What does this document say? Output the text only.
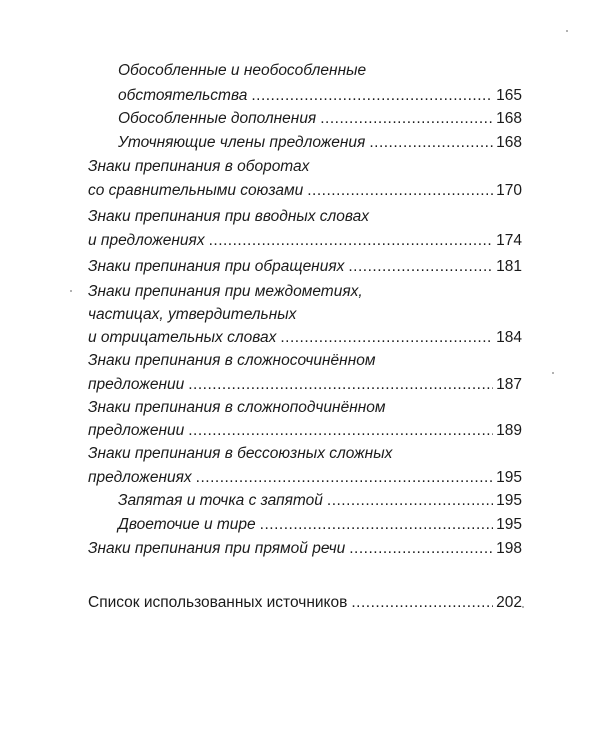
Обособленные и необособленные
обстоятельства .....	165
Обособленные дополнения .....	168
Уточняющие члены предложения .....	168
Знаки препинания в оборотах
со сравнительными союзами .....	170
Знаки препинания при вводных словах
и предложениях .....	174
Знаки препинания при обращениях .....	181
Знаки препинания при междометиях,
частицах, утвердительных
и отрицательных словах .....	184
Знаки препинания в сложносочинённом
предложении .....	187
Знаки препинания в сложноподчинённом
предложении .....	189
Знаки препинания в бессоюзных сложных
предложениях .....	195
Запятая и точка с запятой .....	195
Двоеточие и тире .....	195
Знаки препинания при прямой речи .....	198
Список использованных источников .....	202
